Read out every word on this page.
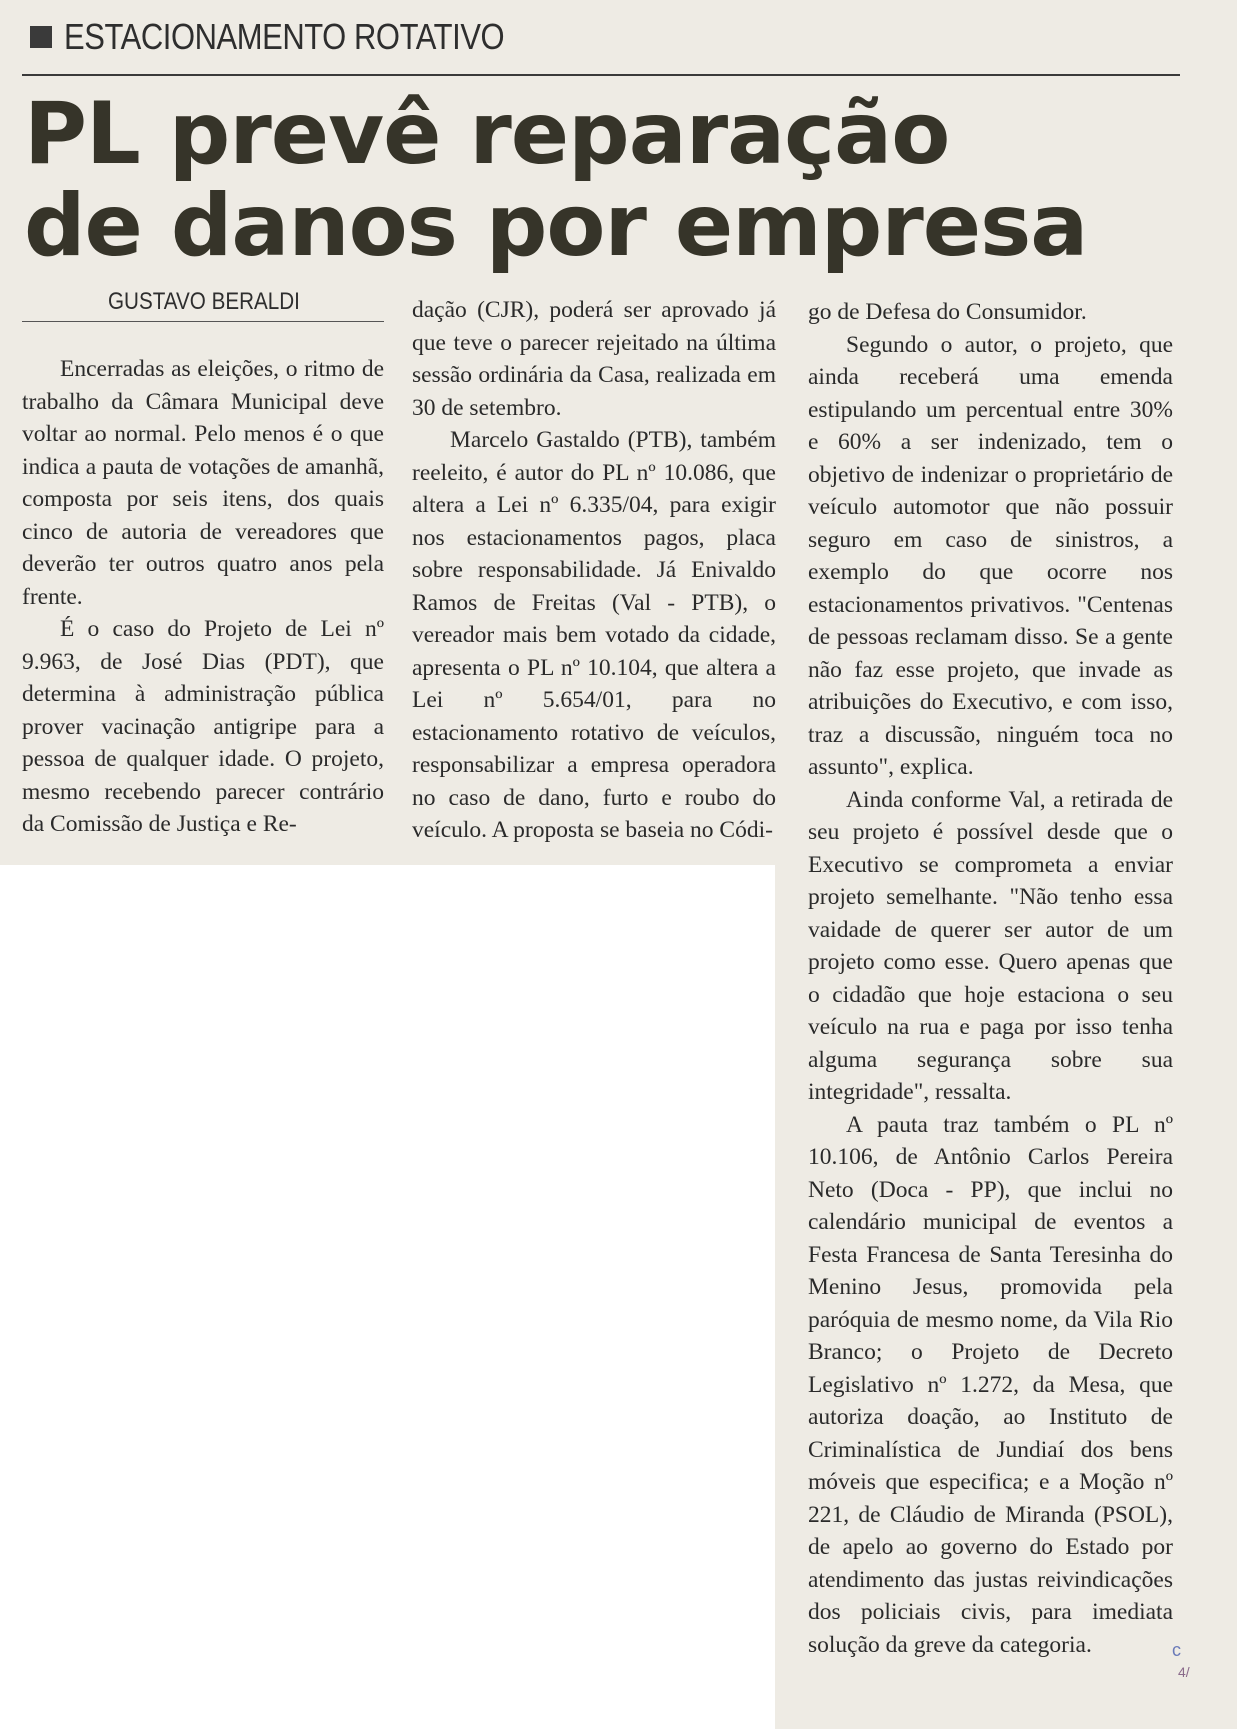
ESTACIONAMENTO ROTATIVO
PL prevê reparação
de danos por empresa
GUSTAVO BERALDI

Encerradas as eleições, o ritmo de trabalho da Câmara Municipal deve voltar ao normal. Pelo menos é o que indica a pauta de votações de amanhã, composta por seis itens, dos quais cinco de autoria de vereadores que deverão ter outros quatro anos pela frente.

É o caso do Projeto de Lei nº 9.963, de José Dias (PDT), que determina à administração pública prover vacinação antigripe para a pessoa de qualquer idade. O projeto, mesmo recebendo parecer contrário da Comissão de Justiça e Re-

dação (CJR), poderá ser aprovado já que teve o parecer rejeitado na última sessão ordinária da Casa, realizada em 30 de setembro.

Marcelo Gastaldo (PTB), também reeleito, é autor do PL nº 10.086, que altera a Lei nº 6.335/04, para exigir nos estacionamentos pagos, placa sobre responsabilidade. Já Enivaldo Ramos de Freitas (Val - PTB), o vereador mais bem votado da cidade, apresenta o PL nº 10.104, que altera a Lei nº 5.654/01, para no estacionamento rotativo de veículos, responsabilizar a empresa operadora no caso de dano, furto e roubo do veículo. A proposta se baseia no Códi-

go de Defesa do Consumidor.

Segundo o autor, o projeto, que ainda receberá uma emenda estipulando um percentual entre 30% e 60% a ser indenizado, tem o objetivo de indenizar o proprietário de veículo automotor que não possuir seguro em caso de sinistros, a exemplo do que ocorre nos estacionamentos privativos. "Centenas de pessoas reclamam disso. Se a gente não faz esse projeto, que invade as atribuições do Executivo, e com isso, traz a discussão, ninguém toca no assunto", explica.

Ainda conforme Val, a retirada de seu projeto é possível desde que o Executivo se comprometa a enviar projeto semelhante. "Não tenho essa vaidade de querer ser autor de um projeto como esse. Quero apenas que o cidadão que hoje estaciona o seu veículo na rua e paga por isso tenha alguma segurança sobre sua integridade", ressalta.

A pauta traz também o PL nº 10.106, de Antônio Carlos Pereira Neto (Doca - PP), que inclui no calendário municipal de eventos a Festa Francesa de Santa Teresinha do Menino Jesus, promovida pela paróquia de mesmo nome, da Vila Rio Branco; o Projeto de Decreto Legislativo nº 1.272, da Mesa, que autoriza doação, ao Instituto de Criminalística de Jundiaí dos bens móveis que especifica; e a Moção nº 221, de Cláudio de Miranda (PSOL), de apelo ao governo do Estado por atendimento das justas reivindicações dos policiais civis, para imediata solução da greve da categoria.	c
4/
